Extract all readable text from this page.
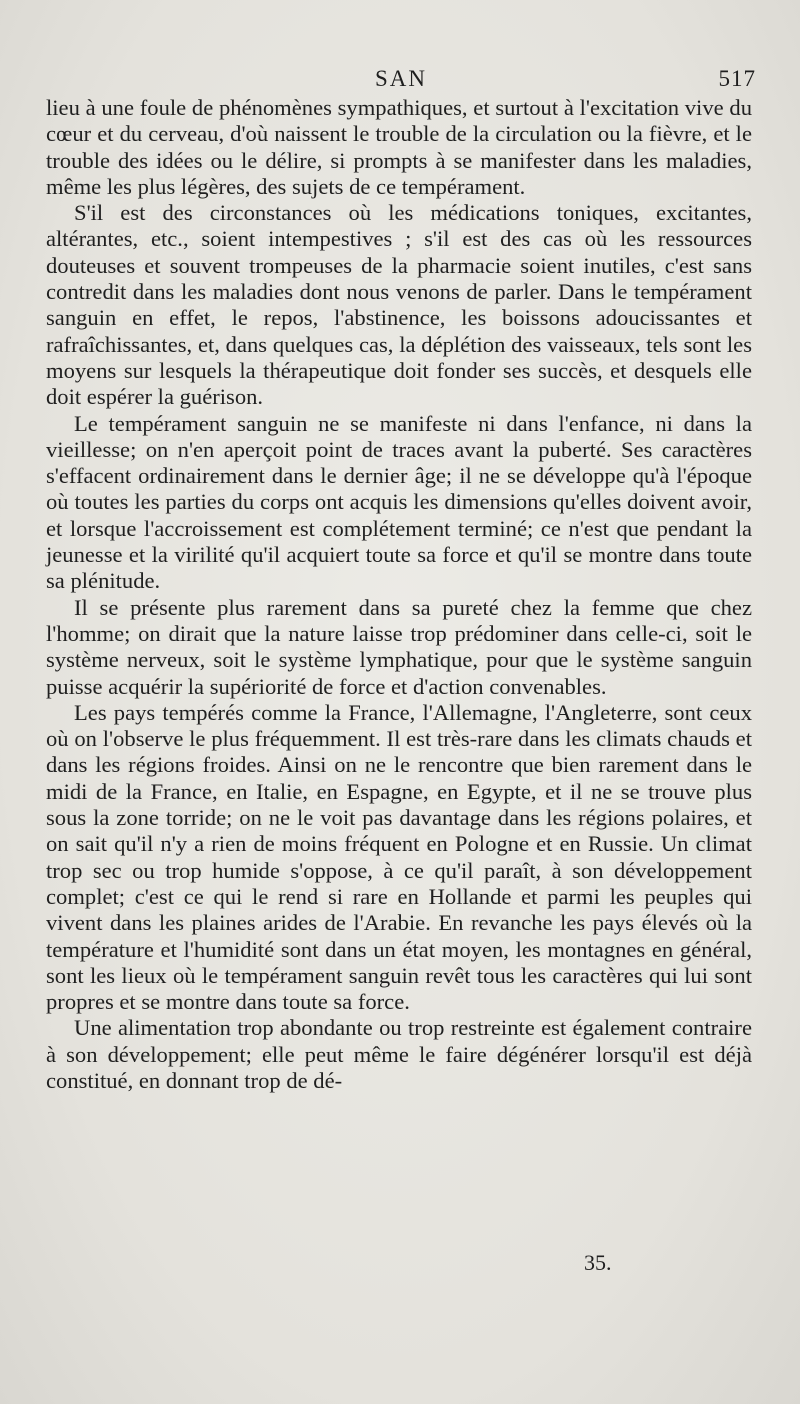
SAN	517

lieu à une foule de phénomènes sympathiques, et surtout à l'excitation vive du cœur et du cerveau, d'où naissent le trouble de la circulation ou la fièvre, et le trouble des idées ou le délire, si prompts à se manifester dans les maladies, même les plus légères, des sujets de ce tempérament.

S'il est des circonstances où les médications toniques, excitantes, altérantes, etc., soient intempestives ; s'il est des cas où les ressources douteuses et souvent trompeuses de la pharmacie soient inutiles, c'est sans contredit dans les maladies dont nous venons de parler. Dans le tempérament sanguin en effet, le repos, l'abstinence, les boissons adoucissantes et rafraîchissantes, et, dans quelques cas, la déplétion des vaisseaux, tels sont les moyens sur lesquels la thérapeutique doit fonder ses succès, et desquels elle doit espérer la guérison.

Le tempérament sanguin ne se manifeste ni dans l'enfance, ni dans la vieillesse; on n'en aperçoit point de traces avant la puberté. Ses caractères s'effacent ordinairement dans le dernier âge; il ne se développe qu'à l'époque où toutes les parties du corps ont acquis les dimensions qu'elles doivent avoir, et lorsque l'accroissement est complétement terminé; ce n'est que pendant la jeunesse et la virilité qu'il acquiert toute sa force et qu'il se montre dans toute sa plénitude.

Il se présente plus rarement dans sa pureté chez la femme que chez l'homme; on dirait que la nature laisse trop prédominer dans celle-ci, soit le système nerveux, soit le système lymphatique, pour que le système sanguin puisse acquérir la supériorité de force et d'action convenables.

Les pays tempérés comme la France, l'Allemagne, l'Angleterre, sont ceux où on l'observe le plus fréquemment. Il est très-rare dans les climats chauds et dans les régions froides. Ainsi on ne le rencontre que bien rarement dans le midi de la France, en Italie, en Espagne, en Egypte, et il ne se trouve plus sous la zone torride; on ne le voit pas davantage dans les régions polaires, et on sait qu'il n'y a rien de moins fréquent en Pologne et en Russie. Un climat trop sec ou trop humide s'oppose, à ce qu'il paraît, à son développement complet; c'est ce qui le rend si rare en Hollande et parmi les peuples qui vivent dans les plaines arides de l'Arabie. En revanche les pays élevés où la température et l'humidité sont dans un état moyen, les montagnes en général, sont les lieux où le tempérament sanguin revêt tous les caractères qui lui sont propres et se montre dans toute sa force.

Une alimentation trop abondante ou trop restreinte est également contraire à son développement; elle peut même le faire dégénérer lorsqu'il est déjà constitué, en donnant trop de dé-

35.
